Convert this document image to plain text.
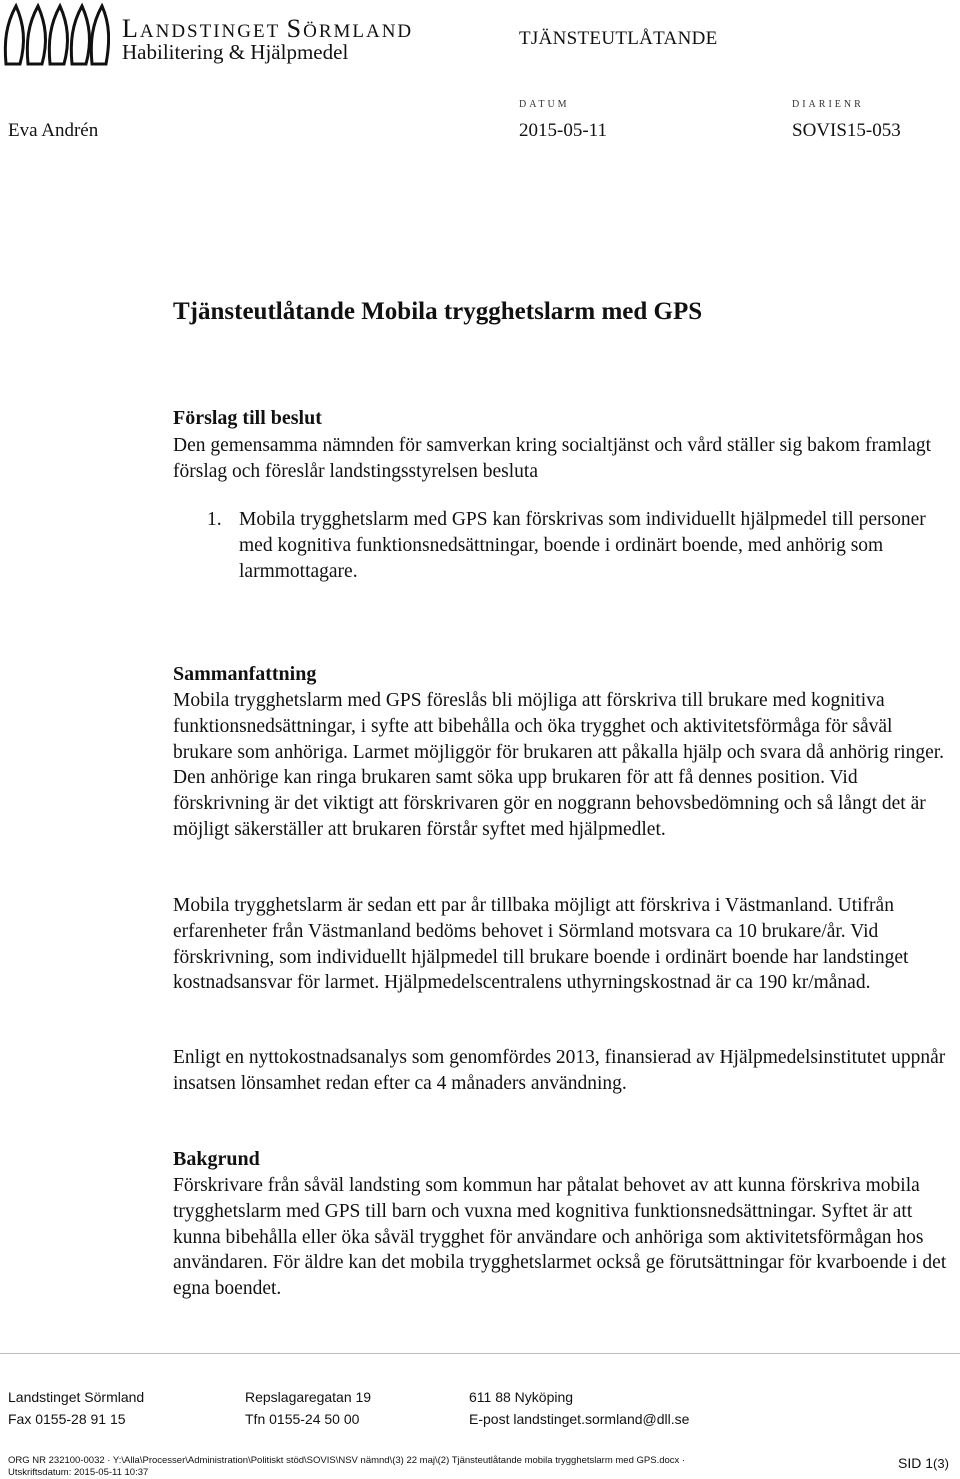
LANDSTINGET SÖRMLAND
Habilitering & Hjälpmedel
TJÄNSTEUTLÅTANDE
DATUM	DIARIENR
Eva Andrén	2015-05-11	SOVIS15-053
Tjänsteutlåtande Mobila trygghetslarm med GPS
Förslag till beslut
Den gemensamma nämnden för samverkan kring socialtjänst och vård ställer sig bakom framlagt förslag och föreslår landstingsstyrelsen besluta
1. Mobila trygghetslarm med GPS kan förskrivas som individuellt hjälpmedel till personer med kognitiva funktionsnedsättningar, boende i ordinärt boende, med anhörig som larmmottagare.
Sammanfattning
Mobila trygghetslarm med GPS föreslås bli möjliga att förskriva till brukare med kognitiva funktionsnedsättningar, i syfte att bibehålla och öka trygghet och aktivitetsförmåga för såväl brukare som anhöriga. Larmet möjliggör för brukaren att påkalla hjälp och svara då anhörig ringer. Den anhörige kan ringa brukaren samt söka upp brukaren för att få dennes position. Vid förskrivning är det viktigt att förskrivaren gör en noggrann behovsbedömning och så långt det är möjligt säkerställer att brukaren förstår syftet med hjälpmedlet.
Mobila trygghetslarm är sedan ett par år tillbaka möjligt att förskriva i Västmanland. Utifrån erfarenheter från Västmanland bedöms behovet i Sörmland motsvara ca 10 brukare/år. Vid förskrivning, som individuellt hjälpmedel till brukare boende i ordinärt boende har landstinget kostnadsansvar för larmet. Hjälpmedelscentralens uthyrningskostnad är ca 190 kr/månad.
Enligt en nyttokostnadsanalys som genomfördes 2013, finansierad av Hjälpmedelsinstitutet uppnår insatsen lönsamhet redan efter ca 4 månaders användning.
Bakgrund
Förskrivare från såväl landsting som kommun har påtalat behovet av att kunna förskriva mobila trygghetslarm med GPS till barn och vuxna med kognitiva funktionsnedsättningar. Syftet är att kunna bibehålla eller öka såväl trygghet för användare och anhöriga som aktivitetsförmågan hos användaren. För äldre kan det mobila trygghetslarmet också ge förutsättningar för kvarboende i det egna boendet.
Landstinget Sörmland	Repslagaregatan 19	611 88 Nyköping
Fax 0155-28 91 15	Tfn 0155-24 50 00	E-post landstinget.sormland@dll.se
ORG NR 232100-0032 · Y:\Alla\Processer\Administration\Politiskt stöd\SOVIS\NSV nämnd\(3) 22 maj\(2) Tjänsteutlåtande mobila trygghetslarm med GPS.docx ·
Utskriftsdatum: 2015-05-11 10:37
SID 1(3)
